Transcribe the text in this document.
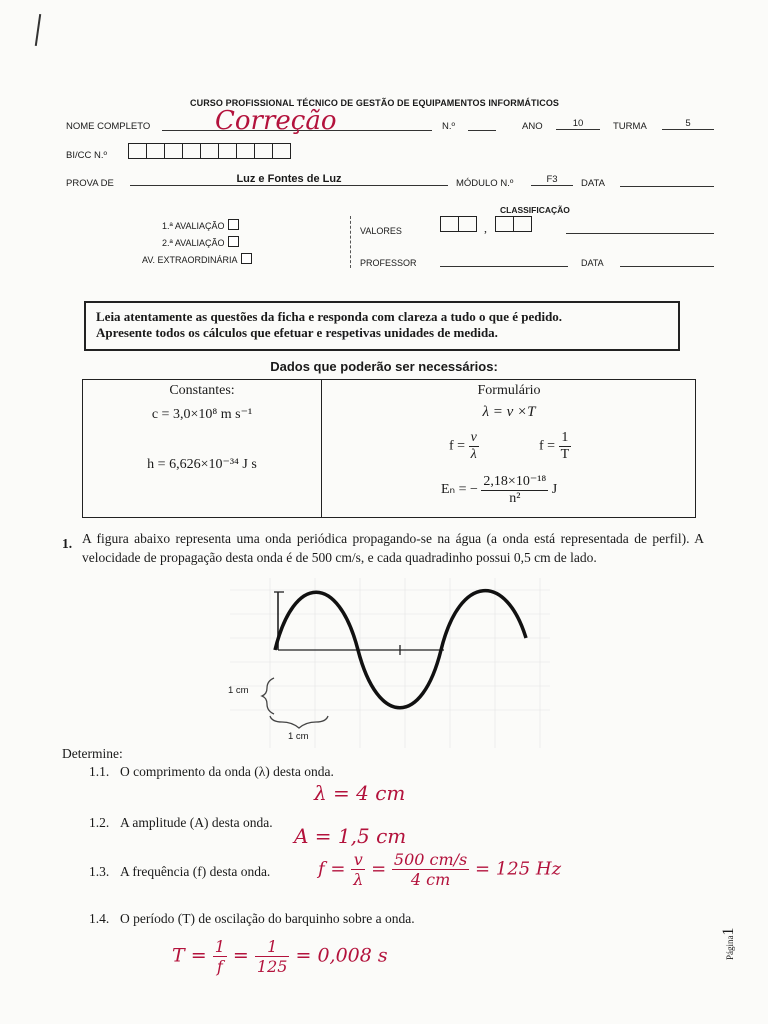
CURSO PROFISSIONAL TÉCNICO DE GESTÃO DE EQUIPAMENTOS INFORMÁTICOS
NOME COMPLETO Correção	N.º	ANO	10	TURMA	5
BI/CC N.º
PROVA DE	Luz e Fontes de Luz	MÓDULO N.º	F3	DATA
CLASSIFICAÇÃO
1.ª AVALIAÇÃO
2.ª AVALIAÇÃO
AV. EXTRAORDINÁRIA
VALORES	,
PROFESSOR	DATA
Leia atentamente as questões da ficha e responda com clareza a tudo o que é pedido.
Apresente todos os cálculos que efetuar e respetivas unidades de medida.
Dados que poderão ser necessários:
Constantes:
c = 3,0×10⁸ m s⁻¹
h = 6,626×10⁻³⁴ J s
Formulário
λ = v ×T
$f = \frac{v}{\lambda}$	$f = \frac{1}{T}$
Eₙ = − $\frac{\text{2,18×10⁻¹⁸}}{\text{n²}}$ J
1. A figura abaixo representa uma onda periódica propagando-se na água (a onda está representada de perfil). A velocidade de propagação desta onda é de 500 cm/s, e cada quadradinho possui 0,5 cm de lado.
1 cm
1 cm
Determine:
1.1. O comprimento da onda (λ) desta onda.
λ = 4 cm
1.2. A amplitude (A) desta onda.
A = 1,5 cm
1.3. A frequência (f) desta onda.	$f = \frac{v}{\lambda} = \frac{500 cm/s}{4 cm} = 125$ Hz
1.4. O período (T) de oscilação do barquinho sobre a onda.
$T = \frac{1}{f} = \frac{1}{125} = 0,008$ s	Página1
